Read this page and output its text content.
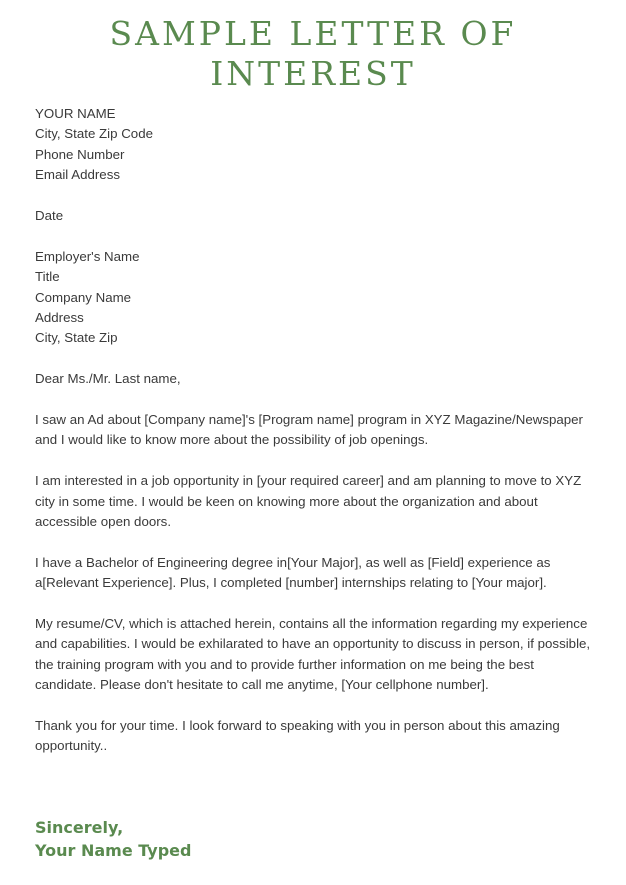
SAMPLE LETTER OF
INTEREST
YOUR NAME
City, State Zip Code
Phone Number
Email Address
Date
Employer's Name
Title
Company Name
Address
City, State Zip
Dear Ms./Mr. Last name,

I saw an Ad about [Company name]'s [Program name] program in XYZ Magazine/Newspaper and I would like to know more about the possibility of job openings.

I am interested in a job opportunity in [your required career] and am planning to move to XYZ city in some time. I would be keen on knowing more about the organization and about accessible open doors.

I have a Bachelor of Engineering degree in[Your Major], as well as [Field] experience as a[Relevant Experience]. Plus, I completed [number] internships relating to [Your major].

My resume/CV, which is attached herein, contains all the information regarding my experience and capabilities. I would be exhilarated to have an opportunity to discuss in person, if possible, the training program with you and to provide further information on me being the best candidate. Please don't hesitate to call me anytime, [Your cellphone number].

Thank you for your time. I look forward to speaking with you in person about this amazing opportunity..

Sincerely,
Your Name Typed
